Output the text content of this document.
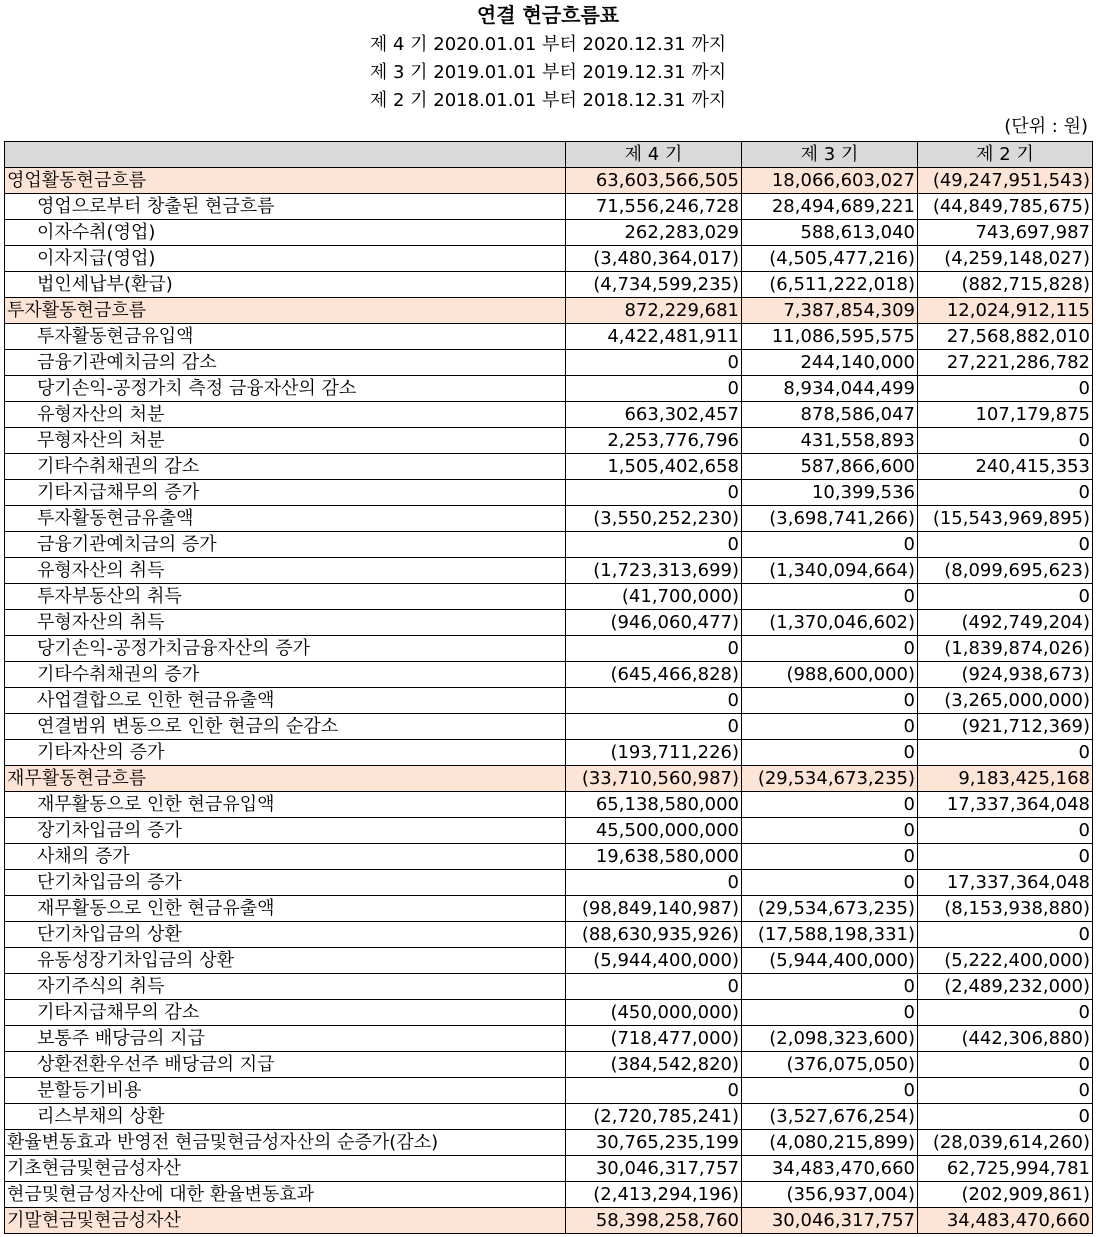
연결 현금흐름표
제 4 기 2020.01.01 부터 2020.12.31 까지
제 3 기 2019.01.01 부터 2019.12.31 까지
제 2 기 2018.01.01 부터 2018.12.31 까지
(단위 : 원)
	제 4 기	제 3 기	제 2 기
영업활동현금흐름	63,603,566,505	18,066,603,027	(49,247,951,543)
영업으로부터 창출된 현금흐름	71,556,246,728	28,494,689,221	(44,849,785,675)
이자수취(영업)	262,283,029	588,613,040	743,697,987
이자지급(영업)	(3,480,364,017)	(4,505,477,216)	(4,259,148,027)
법인세납부(환급)	(4,734,599,235)	(6,511,222,018)	(882,715,828)
투자활동현금흐름	872,229,681	7,387,854,309	12,024,912,115
투자활동현금유입액	4,422,481,911	11,086,595,575	27,568,882,010
금융기관예치금의 감소	0	244,140,000	27,221,286,782
당기손익-공정가치 측정 금융자산의 감소	0	8,934,044,499	0
유형자산의 처분	663,302,457	878,586,047	107,179,875
무형자산의 처분	2,253,776,796	431,558,893	0
기타수취채권의 감소	1,505,402,658	587,866,600	240,415,353
기타지급채무의 증가	0	10,399,536	0
투자활동현금유출액	(3,550,252,230)	(3,698,741,266)	(15,543,969,895)
금융기관예치금의 증가	0	0	0
유형자산의 취득	(1,723,313,699)	(1,340,094,664)	(8,099,695,623)
투자부동산의 취득	(41,700,000)	0	0
무형자산의 취득	(946,060,477)	(1,370,046,602)	(492,749,204)
당기손익-공정가치금융자산의 증가	0	0	(1,839,874,026)
기타수취채권의 증가	(645,466,828)	(988,600,000)	(924,938,673)
사업결합으로 인한 현금유출액	0	0	(3,265,000,000)
연결범위 변동으로 인한 현금의 순감소	0	0	(921,712,369)
기타자산의 증가	(193,711,226)	0	0
재무활동현금흐름	(33,710,560,987)	(29,534,673,235)	9,183,425,168
재무활동으로 인한 현금유입액	65,138,580,000	0	17,337,364,048
장기차입금의 증가	45,500,000,000	0	0
사채의 증가	19,638,580,000	0	0
단기차입금의 증가	0	0	17,337,364,048
재무활동으로 인한 현금유출액	(98,849,140,987)	(29,534,673,235)	(8,153,938,880)
단기차입금의 상환	(88,630,935,926)	(17,588,198,331)	0
유동성장기차입금의 상환	(5,944,400,000)	(5,944,400,000)	(5,222,400,000)
자기주식의 취득	0	0	(2,489,232,000)
기타지급채무의 감소	(450,000,000)	0	0
보통주 배당금의 지급	(718,477,000)	(2,098,323,600)	(442,306,880)
상환전환우선주 배당금의 지급	(384,542,820)	(376,075,050)	0
분할등기비용	0	0	0
리스부채의 상환	(2,720,785,241)	(3,527,676,254)	0
환율변동효과 반영전 현금및현금성자산의 순증가(감소)	30,765,235,199	(4,080,215,899)	(28,039,614,260)
기초현금및현금성자산	30,046,317,757	34,483,470,660	62,725,994,781
현금및현금성자산에 대한 환율변동효과	(2,413,294,196)	(356,937,004)	(202,909,861)
기말현금및현금성자산	58,398,258,760	30,046,317,757	34,483,470,660
